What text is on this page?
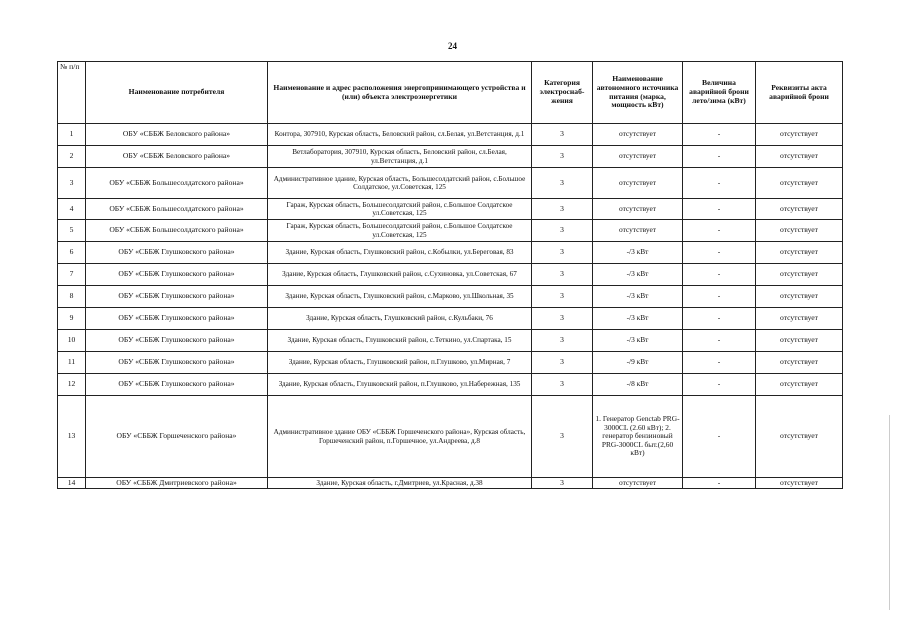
24
№ п/п	Наименование потребителя	Наименование и адрес расположения энергопринимающего устройства и (или) объекта электроэнергетики	Категория электроснаб-жения	Наименование автономного источника питания (марка, мощность кВт)	Величина аварийной брони лето/зима (кВт)	Реквизиты акта аварийной брони
1	ОБУ «СББЖ Беловского района»	Контора, 307910, Курская область, Беловский район, сл.Белая, ул.Ветстанция, д.1	3	отсутствует	-	отсутствует
2	ОБУ «СББЖ Беловского района»	Ветлаборатория, 307910, Курская область, Беловский район, сл.Белая, ул.Ветстанция, д.1	3	отсутствует	-	отсутствует
3	ОБУ «СББЖ Большесолдатского района»	Административное здание, Курская область, Большесолдатский район, с.Большое Солдатское, ул.Советская, 125	3	отсутствует	-	отсутствует
4	ОБУ «СББЖ Большесолдатского района»	Гараж, Курская область, Большесолдатский район, с.Большое Солдатское ул.Советская, 125	3	отсутствует	-	отсутствует
5	ОБУ «СББЖ Большесолдатского района»	Гараж, Курская область, Большесолдатский район, с.Большое Солдатское ул.Советская, 125	3	отсутствует	-	отсутствует
6	ОБУ «СББЖ Глушковского района»	Здание, Курская область, Глушковский район, с.Кобылки, ул.Береговая, 83	3	-/3 кВт	-	отсутствует
7	ОБУ «СББЖ Глушковского района»	Здание, Курская область, Глушковский район, с.Сухиновка, ул.Советская, 67	3	-/3 кВт	-	отсутствует
8	ОБУ «СББЖ Глушковского района»	Здание, Курская область, Глушковский район, с.Марково, ул.Школьная, 35	3	-/3 кВт	-	отсутствует
9	ОБУ «СББЖ Глушковского района»	Здание, Курская область, Глушковский район, с.Кульбаки, 76	3	-/3 кВт	-	отсутствует
10	ОБУ «СББЖ Глушковского района»	Здание, Курская область, Глушковский район, с.Теткино, ул.Спартака, 15	3	-/3 кВт	-	отсутствует
11	ОБУ «СББЖ Глушковского района»	Здание, Курская область, Глушковский район, п.Глушково, ул.Мирная, 7	3	-/9 кВт	-	отсутствует
12	ОБУ «СББЖ Глушковского района»	Здание, Курская область, Глушковский район, п.Глушково, ул.Набережная, 135	3	-/8 кВт	-	отсутствует
13	ОБУ «СББЖ Горшеченского района»	Административное здание ОБУ «СББЖ Горшеченского района», Курская область, Горшеченский район, п.Горшечное, ул.Андреева, д.8	3	1. Генератор Genctab PRG-3000CL (2.60 кВт); 2. генератор бензиновый PRG-3000CL быт.(2,60 кВт)	-	отсутствует
14	ОБУ «СББЖ Дмитриевского района»	Здание, Курская область, г.Дмитриев, ул.Красная, д.38	3	отсутствует	-	отсутствует
